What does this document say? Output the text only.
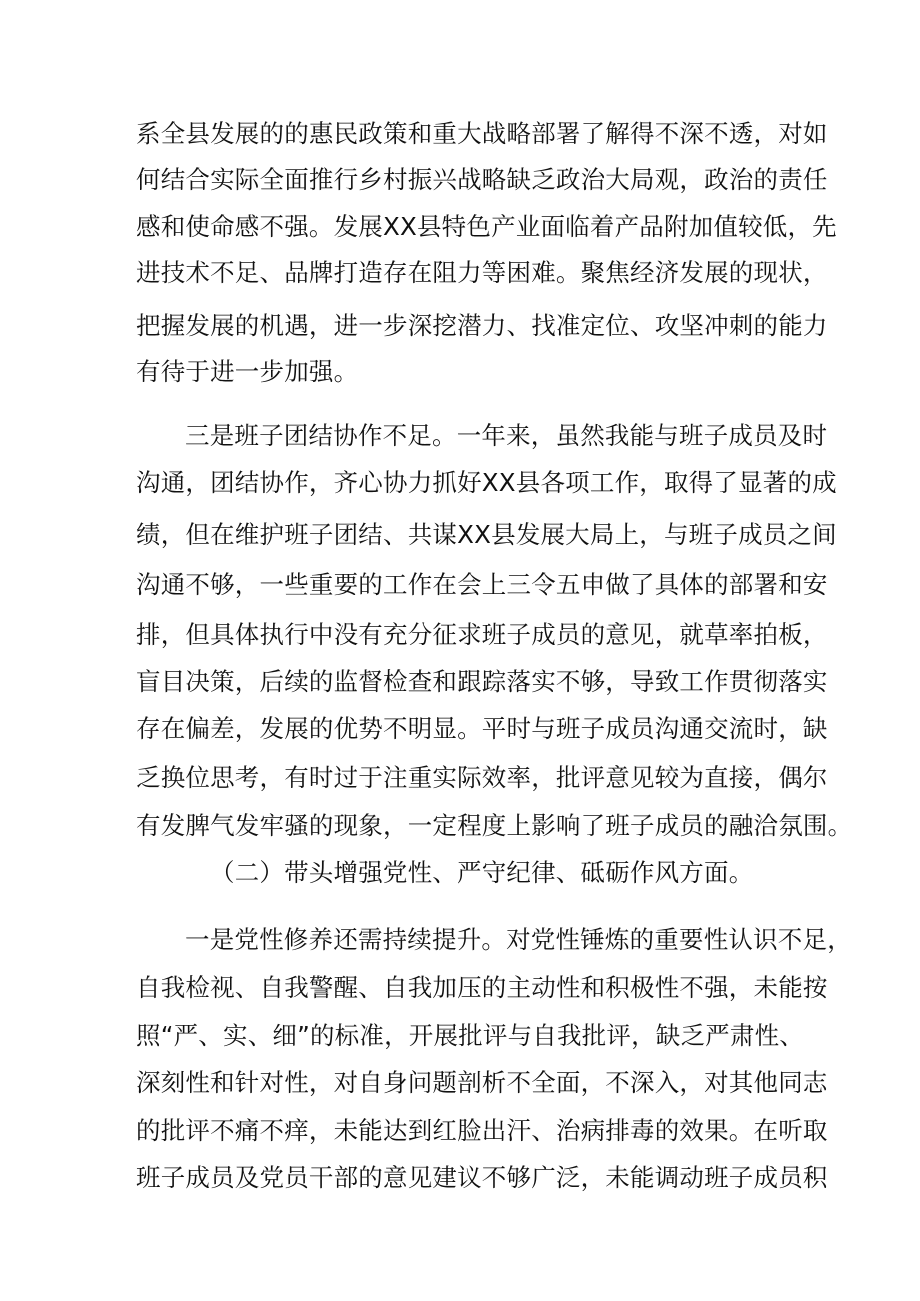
系全县发展的的惠民政策和重大战略部署了解得不深不透，对如
何结合实际全面推行乡村振兴战略缺乏政治大局观，政治的责任
感和使命感不强。发展XX县特色产业面临着产品附加值较低，先
进技术不足、品牌打造存在阻力等困难。聚焦经济发展的现状，
把握发展的机遇，进一步深挖潜力、找准定位、攻坚冲刺的能力
有待于进一步加强。
三是班子团结协作不足。一年来，虽然我能与班子成员及时
沟通，团结协作，齐心协力抓好XX县各项工作，取得了显著的成
绩，但在维护班子团结、共谋XX县发展大局上，与班子成员之间
沟通不够，一些重要的工作在会上三令五申做了具体的部署和安
排，但具体执行中没有充分征求班子成员的意见，就草率拍板，
盲目决策，后续的监督检查和跟踪落实不够，导致工作贯彻落实
存在偏差，发展的优势不明显。平时与班子成员沟通交流时，缺
乏换位思考，有时过于注重实际效率，批评意见较为直接，偶尔
有发脾气发牢骚的现象，一定程度上影响了班子成员的融洽氛围。
（二）带头增强党性、严守纪律、砥砺作风方面。
一是党性修养还需持续提升。对党性锤炼的重要性认识不足，
自我检视、自我警醒、自我加压的主动性和积极性不强，未能按
照“严、实、细”的标准，开展批评与自我批评，缺乏严肃性、
深刻性和针对性，对自身问题剖析不全面，不深入，对其他同志
的批评不痛不痒，未能达到红脸出汗、治病排毒的效果。在听取
班子成员及党员干部的意见建议不够广泛，未能调动班子成员积
